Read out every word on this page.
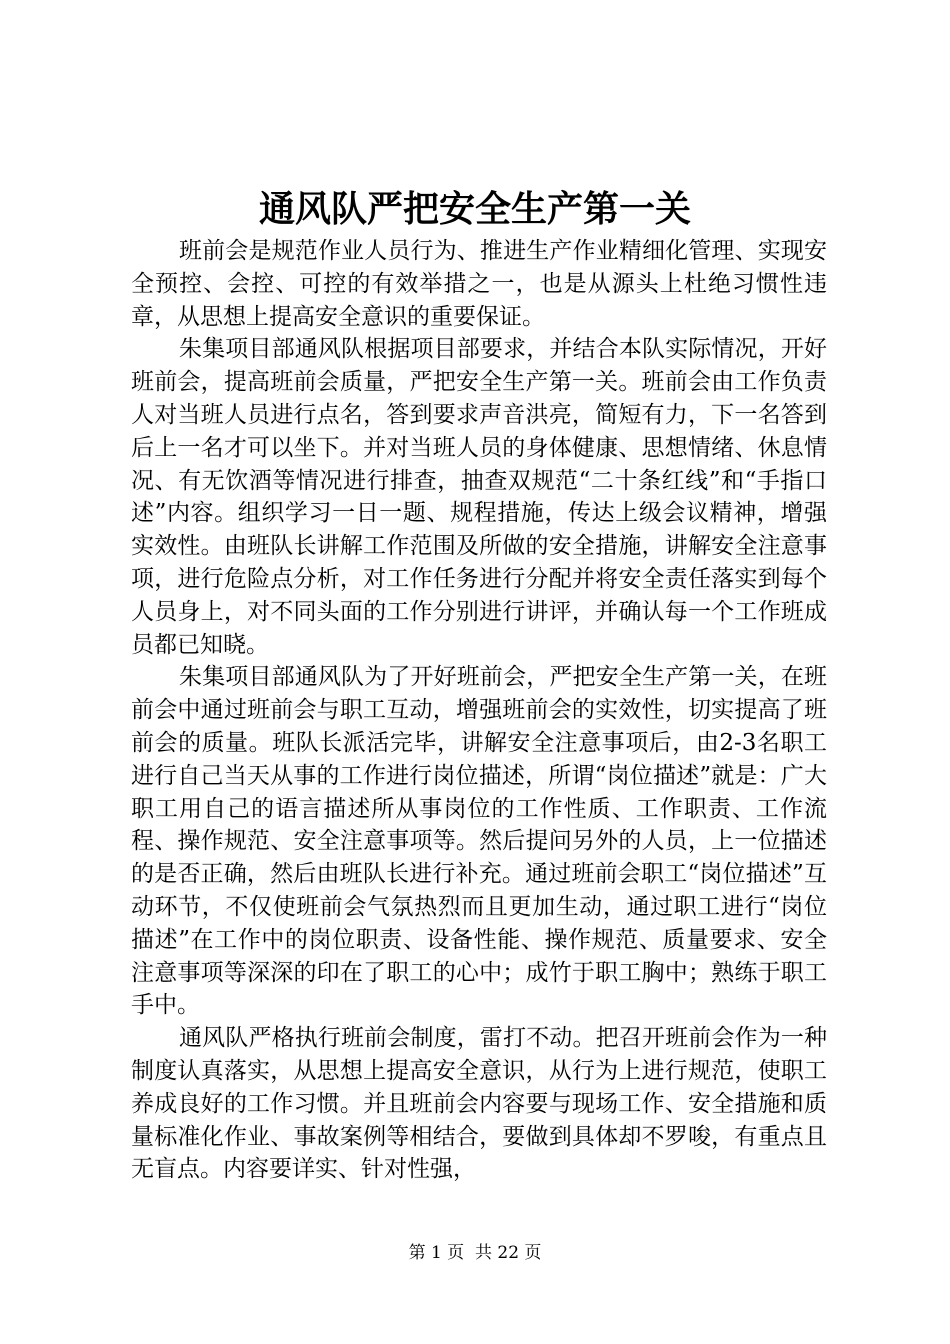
通风队严把安全生产第一关

班前会是规范作业人员行为、推进生产作业精细化管理、实现安全预控、会控、可控的有效举措之一，也是从源头上杜绝习惯性违章，从思想上提高安全意识的重要保证。

朱集项目部通风队根据项目部要求，并结合本队实际情况，开好班前会，提高班前会质量，严把安全生产第一关。班前会由工作负责人对当班人员进行点名，答到要求声音洪亮，简短有力，下一名答到后上一名才可以坐下。并对当班人员的身体健康、思想情绪、休息情况、有无饮酒等情况进行排查，抽查双规范“二十条红线”和“手指口述”内容。组织学习一日一题、规程措施，传达上级会议精神，增强实效性。由班队长讲解工作范围及所做的安全措施，讲解安全注意事项，进行危险点分析，对工作任务进行分配并将安全责任落实到每个人员身上，对不同头面的工作分别进行讲评，并确认每一个工作班成员都已知晓。

朱集项目部通风队为了开好班前会，严把安全生产第一关，在班前会中通过班前会与职工互动，增强班前会的实效性，切实提高了班前会的质量。班队长派活完毕，讲解安全注意事项后，由2-3名职工进行自己当天从事的工作进行岗位描述，所谓“岗位描述”就是：广大职工用自己的语言描述所从事岗位的工作性质、工作职责、工作流程、操作规范、安全注意事项等。然后提问另外的人员，上一位描述的是否正确，然后由班队长进行补充。通过班前会职工“岗位描述”互动环节，不仅使班前会气氛热烈而且更加生动，通过职工进行“岗位描述”在工作中的岗位职责、设备性能、操作规范、质量要求、安全注意事项等深深的印在了职工的心中；成竹于职工胸中；熟练于职工手中。

通风队严格执行班前会制度，雷打不动。把召开班前会作为一种制度认真落实，从思想上提高安全意识，从行为上进行规范，使职工养成良好的工作习惯。并且班前会内容要与现场工作、安全措施和质量标准化作业、事故案例等相结合，要做到具体却不罗唆，有重点且无盲点。内容要详实、针对性强，

第 1 页  共 22 页
